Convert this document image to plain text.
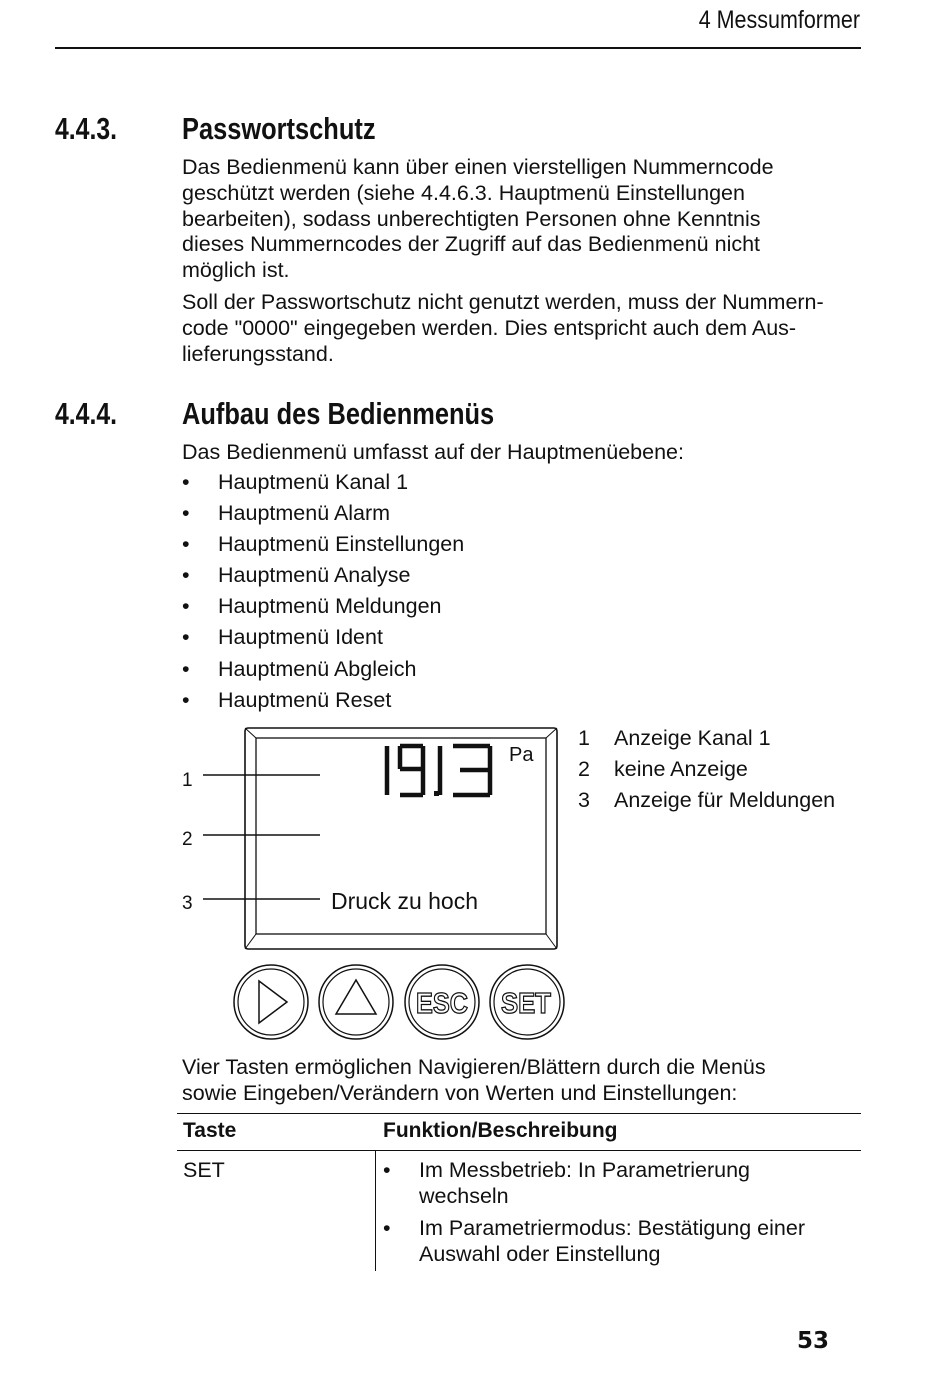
4 Messumformer
4.4.3. Passwortschutz

Das Bedienmenü kann über einen vierstelligen Nummerncode
geschützt werden (siehe 4.4.6.3. Hauptmenü Einstellungen
bearbeiten), sodass unberechtigten Personen ohne Kenntnis
dieses Nummerncodes der Zugriff auf das Bedienmenü nicht
möglich ist.

Soll der Passwortschutz nicht genutzt werden, muss der Nummern-
code "0000" eingegeben werden. Dies entspricht auch dem Aus-
lieferungsstand.

4.4.4. Aufbau des Bedienmenüs
Das Bedienmenü umfasst auf der Hauptmenüebene:
• Hauptmenü Kanal 1
• Hauptmenü Alarm
• Hauptmenü Einstellungen
• Hauptmenü Analyse
• Hauptmenü Meldungen
• Hauptmenü Ident
• Hauptmenü Abgleich
• Hauptmenü Reset
19.13
Pa
Druck zu hoch
1
2
3
ESC SET
1	Anzeige Kanal 1
2	keine Anzeige
3	Anzeige für Meldungen
Vier Tasten ermöglichen Navigieren/Blättern durch die Menüs
sowie Eingeben/Verändern von Werten und Einstellungen:
Taste	Funktion/Beschreibung
SET	• Im Messbetrieb: In Parametrierung
wechseln
• Im Parametriermodus: Bestätigung einer
Auswahl oder Einstellung
53
